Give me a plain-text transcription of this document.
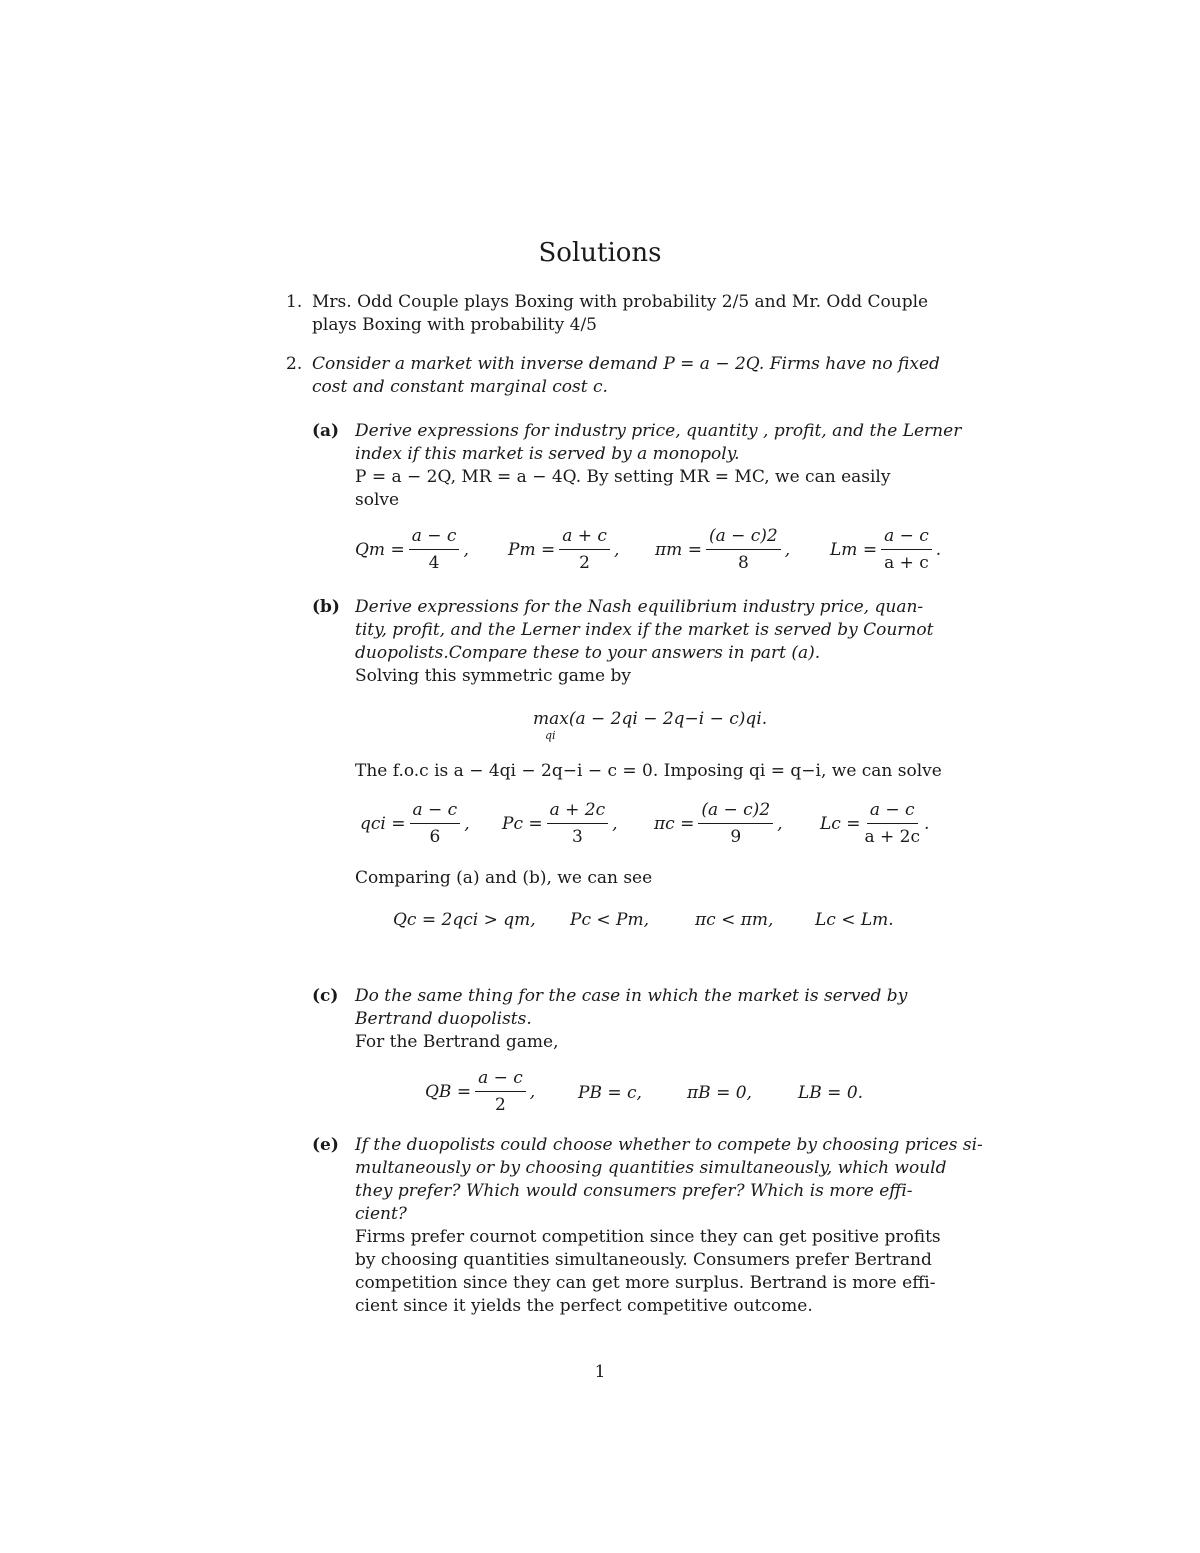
Solutions
1. Mrs. Odd Couple plays Boxing with probability 2/5 and Mr. Odd Couple
plays Boxing with probability 4/5
2. Consider a market with inverse demand P = a − 2Q. Firms have no fixed
cost and constant marginal cost c.
(a) Derive expressions for industry price, quantity , profit, and the Lerner
index if this market is served by a monopoly.
P = a − 2Q, MR = a − 4Q. By setting MR = MC, we can easily
solve
$Qm = \frac{a - c}{4}$ , $Pm = \frac{a + c}{2}$ , $\pi m = \frac{(a - c)2}{8}$ , $Lm = \frac{a - c}{a + c}$ .
(b) Derive expressions for the Nash equilibrium industry price, quan-
tity, profit, and the Lerner index if the market is served by Cournot
duopolists.Compare these to your answers in part (a).
Solving this symmetric game by
max(a − 2qi − 2q−i − c)qi.
qi
The f.o.c is a − 4qi − 2q−i − c = 0. Imposing qi = q−i, we can solve
qci = $\frac{a - c}{6}$ , $Pc = \frac{a + 2c}{3}$ , $\pi c = \frac{(a - c)2}{9}$ , $Lc = \frac{a - c}{a + 2c}$ .
Comparing (a) and (b), we can see
Qc = 2qci > qm, Pc < Pm,	πc < πm, Lc < Lm.
(c) Do the same thing for the case in which the market is served by
Bertrand duopolists.
For the Bertrand game,
QB = $\frac{a - c}{2}$ ,	PB = c,	πB = 0,	LB = 0.
(e) If the duopolists could choose whether to compete by choosing prices si-
multaneously or by choosing quantities simultaneously, which would
they prefer? Which would consumers prefer? Which is more effi-
cient?
Firms prefer cournot competition since they can get positive profits
by choosing quantities simultaneously. Consumers prefer Bertrand
competition since they can get more surplus. Bertrand is more effi-
cient since it yields the perfect competitive outcome.
1
